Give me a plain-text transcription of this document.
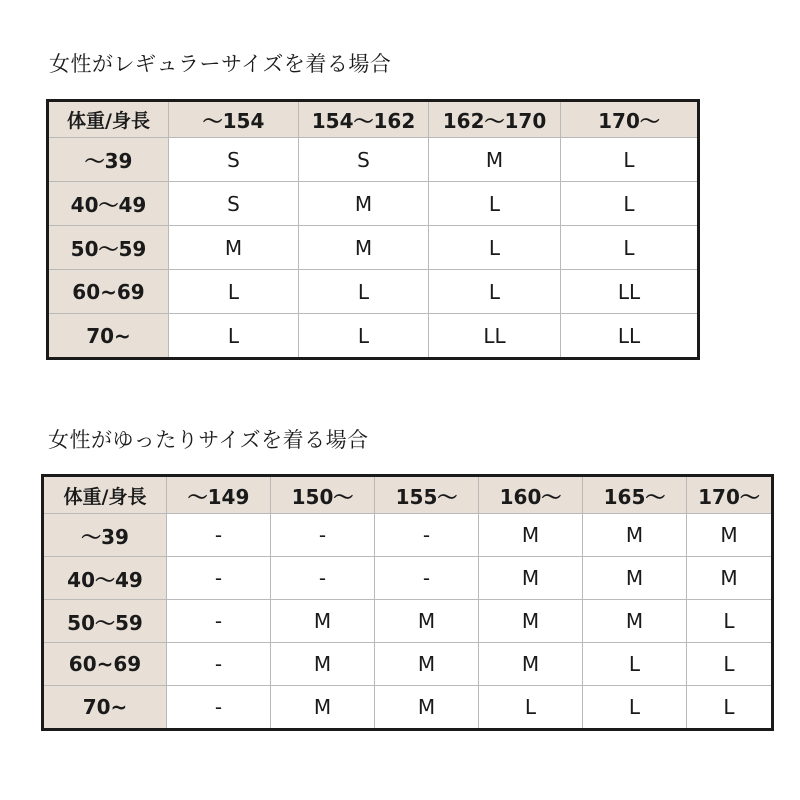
女性がレギュラーサイズを着る場合
体重/身長	〜154	154〜162	162〜170	170〜
〜39	S	S	M	L
40〜49	S	M	L	L
50〜59	M	M	L	L
60~69	L	L	L	LL
70~	L	L	LL	LL
女性がゆったりサイズを着る場合
体重/身長	〜149	150〜	155〜	160〜	165〜	170〜
〜39	-	-	-	M	M	M
40〜49	-	-	-	M	M	M
50〜59	-	M	M	M	M	L
60~69	-	M	M	M	L	L
70~	-	M	M	L	L	L
